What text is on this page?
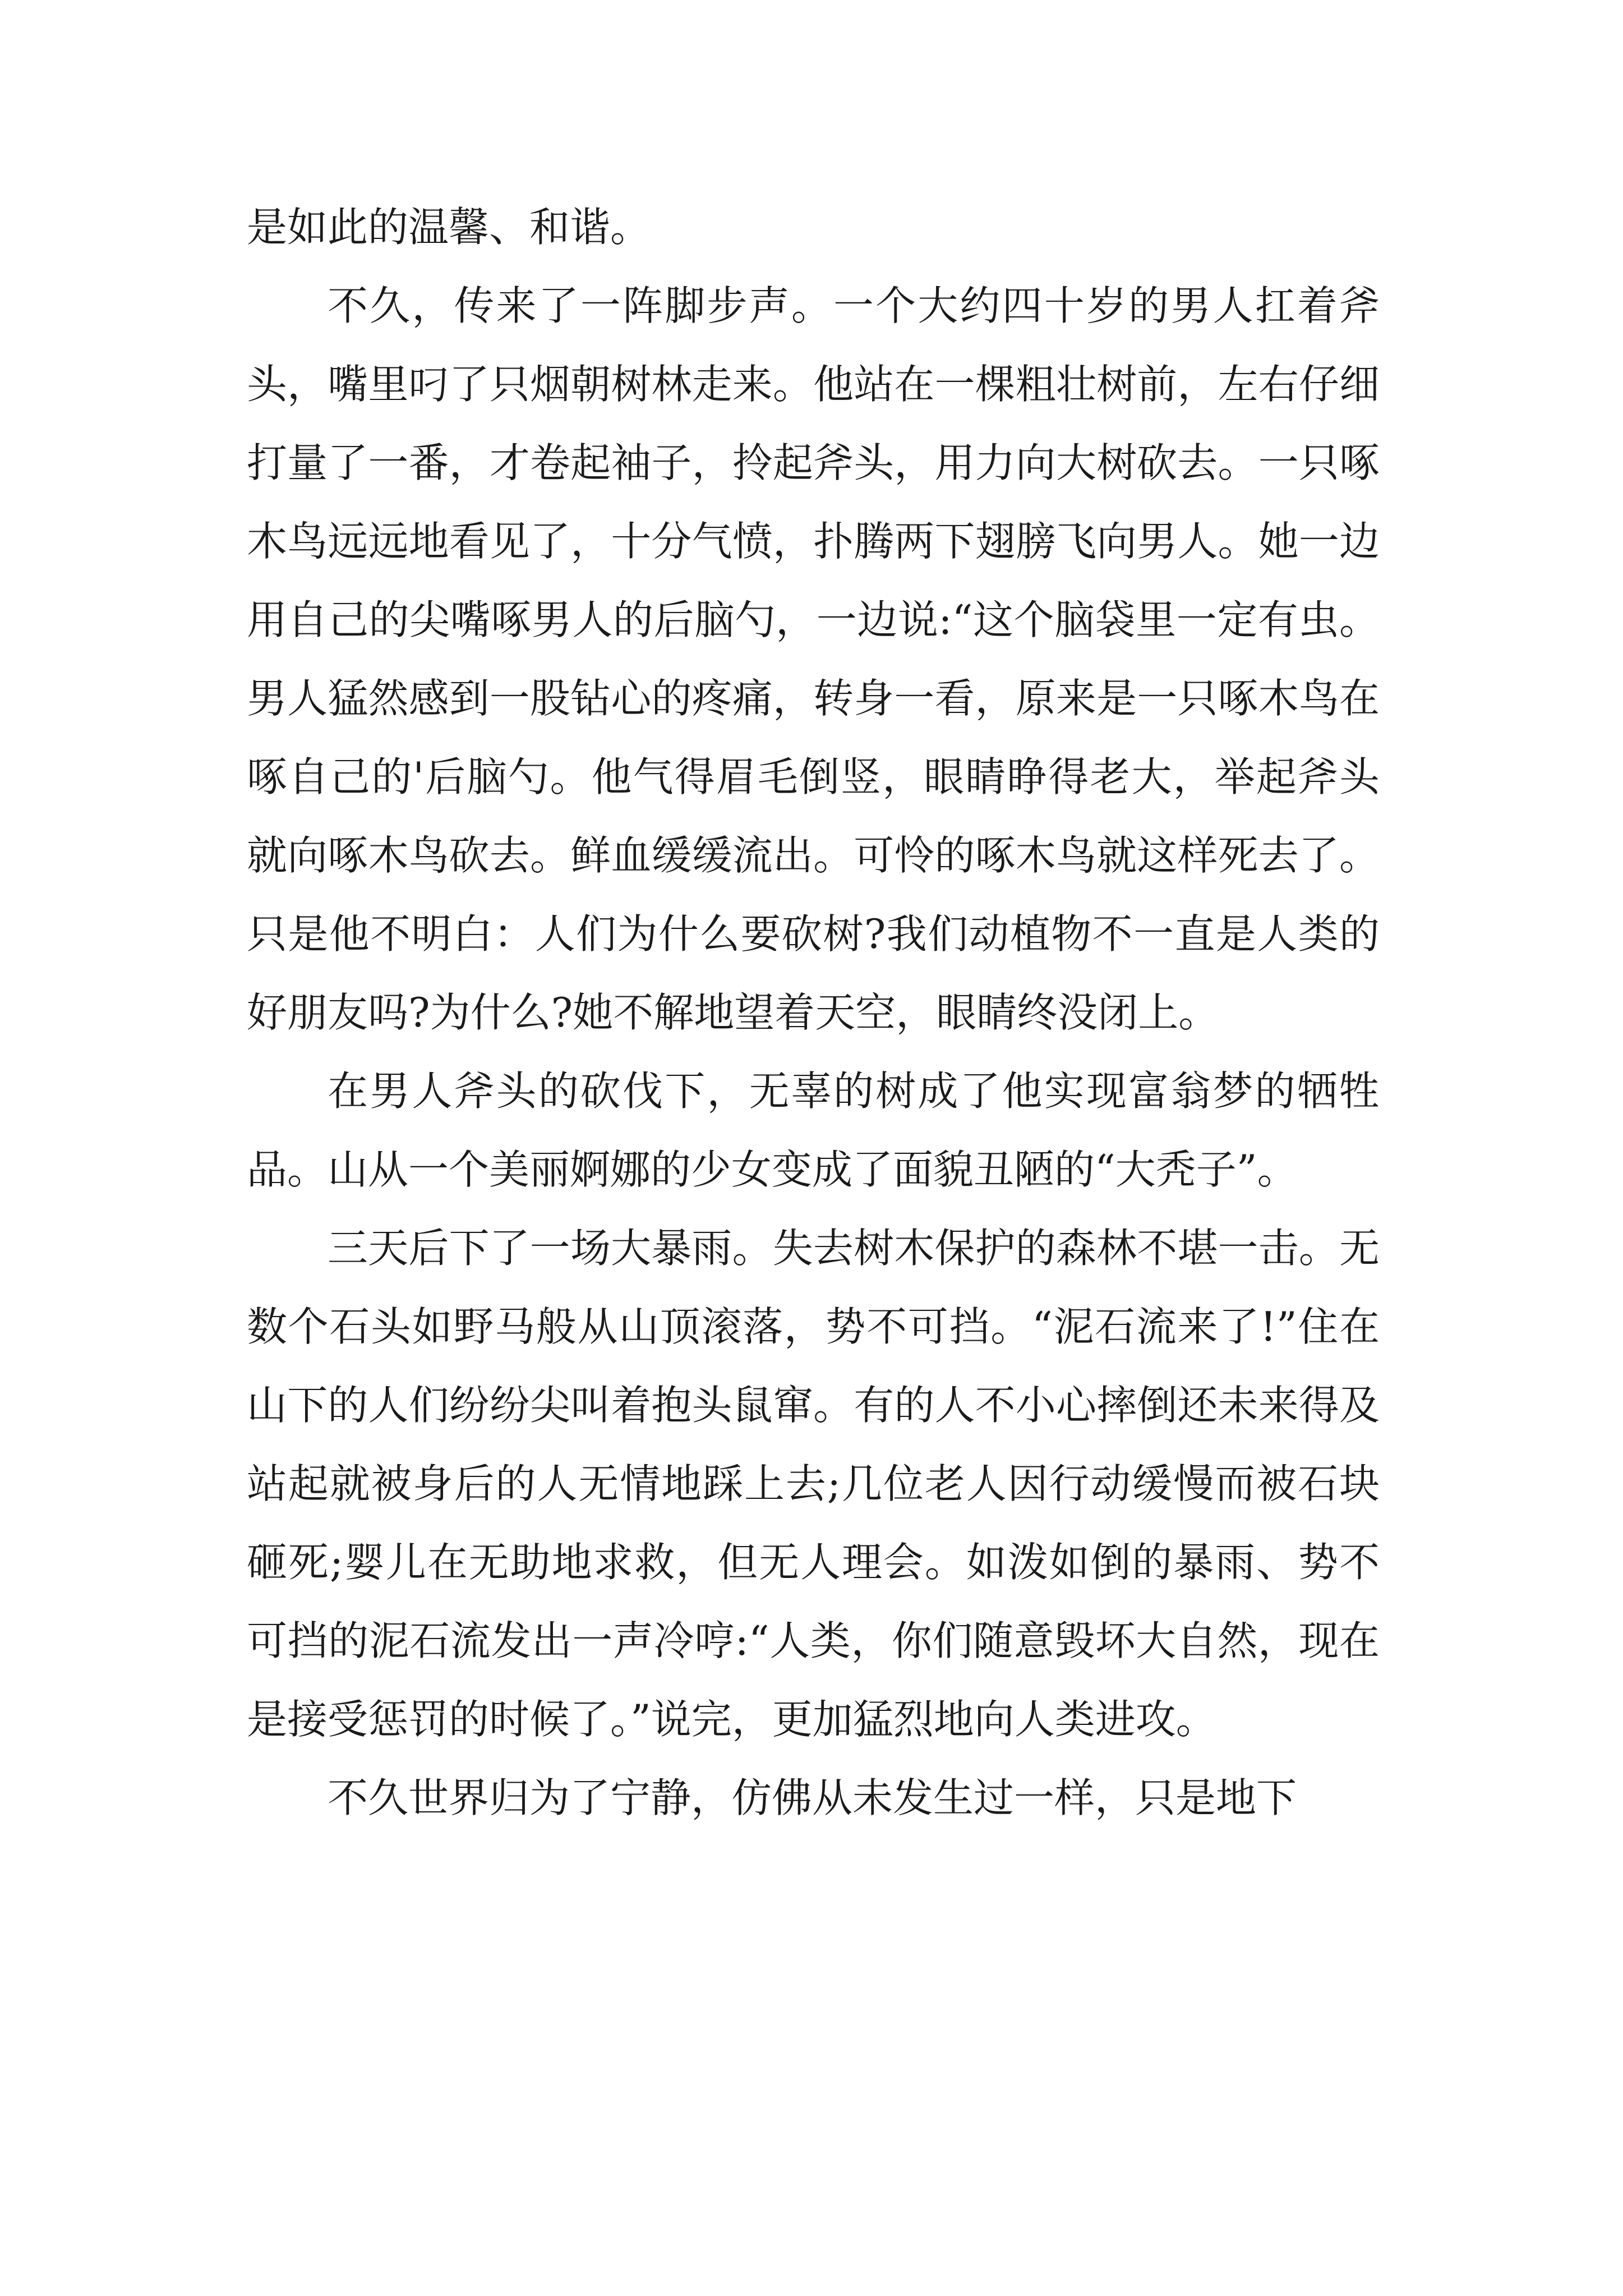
是如此的温馨、和谐。

不久，传来了一阵脚步声。一个大约四十岁的男人扛着斧头，嘴里叼了只烟朝树林走来。他站在一棵粗壮树前，左右仔细打量了一番，才卷起袖子，拎起斧头，用力向大树砍去。一只啄木鸟远远地看见了，十分气愤，扑腾两下翅膀飞向男人。她一边用自己的尖嘴啄男人的后脑勺，一边说:“这个脑袋里一定有虫。男人猛然感到一股钻心的疼痛，转身一看，原来是一只啄木鸟在啄自己的'后脑勺。他气得眉毛倒竖，眼睛睁得老大，举起斧头就向啄木鸟砍去。鲜血缓缓流出。可怜的啄木鸟就这样死去了。只是他不明白：人们为什么要砍树?我们动植物不一直是人类的好朋友吗?为什么?她不解地望着天空，眼睛终没闭上。

在男人斧头的砍伐下，无辜的树成了他实现富翁梦的牺牲品。山从一个美丽婀娜的少女变成了面貌丑陋的“大秃子”。

三天后下了一场大暴雨。失去树木保护的森林不堪一击。无数个石头如野马般从山顶滚落，势不可挡。“泥石流来了!”住在山下的人们纷纷尖叫着抱头鼠窜。有的人不小心摔倒还未来得及站起就被身后的人无情地踩上去;几位老人因行动缓慢而被石块砸死;婴儿在无助地求救，但无人理会。如泼如倒的暴雨、势不可挡的泥石流发出一声冷哼:“人类，你们随意毁坏大自然，现在是接受惩罚的时候了。”说完，更加猛烈地向人类进攻。

不久世界归为了宁静，仿佛从未发生过一样，只是地下
